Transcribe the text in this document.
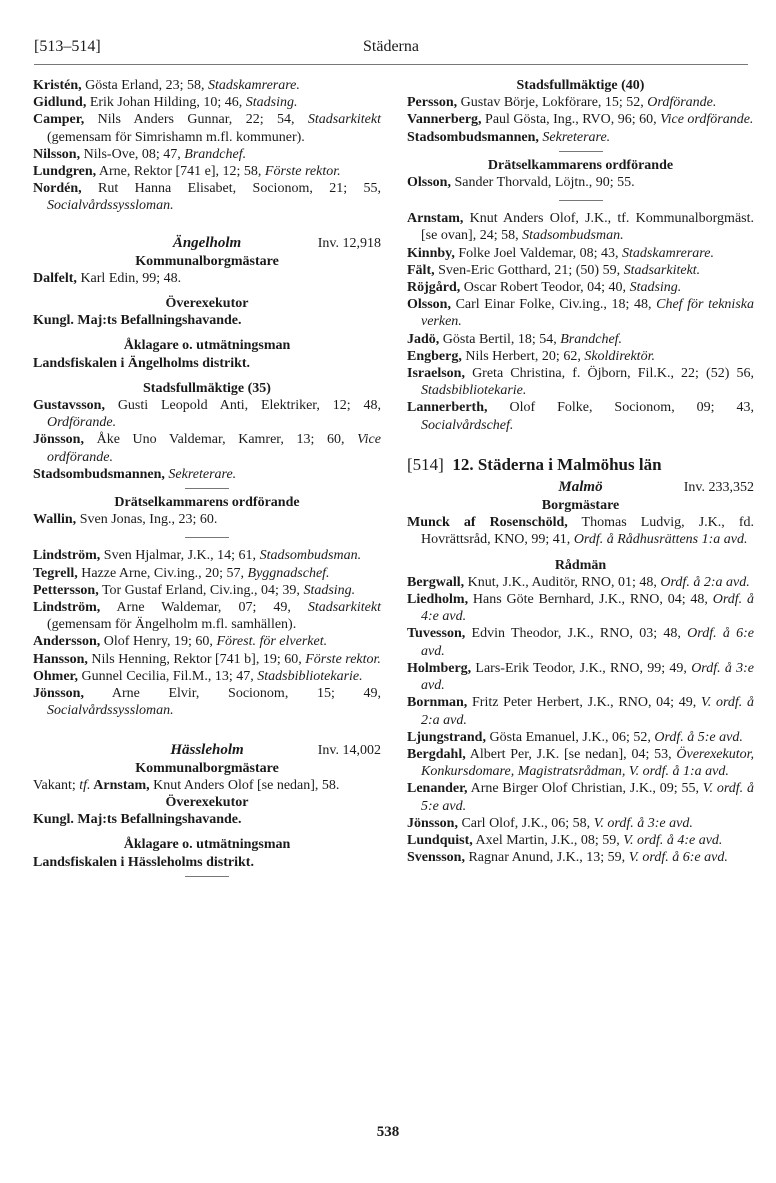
[513–514]	Städerna
Kristén, Gösta Erland, 23; 58, Stadskamrerare.
Gidlund, Erik Johan Hilding, 10; 46, Stadsing.
Camper, Nils Anders Gunnar, 22; 54, Stadsarkitekt (gemensam för Simrishamn m.fl. kommuner).
Nilsson, Nils-Ove, 08; 47, Brandchef.
Lundgren, Arne, Rektor [741 e], 12; 58, Förste rektor.
Nordén, Rut Hanna Elisabet, Socionom, 21; 55, Socialvårdssyssloman.
Ängelholm	Inv. 12,918
Kommunalborgmästare
Dalfelt, Karl Edin, 99; 48.
Överexekutor
Kungl. Maj:ts Befallningshavande.
Åklagare o. utmätningsman
Landsfiskalen i Ängelholms distrikt.
Stadsfullmäktige (35)
Gustavsson, Gusti Leopold Anti, Elektriker, 12; 48, Ordförande.
Jönsson, Åke Uno Valdemar, Kamrer, 13; 60, Vice ordförande.
Stadsombudsmannen, Sekreterare.
Drätselkammarens ordförande
Wallin, Sven Jonas, Ing., 23; 60.
Lindström, Sven Hjalmar, J.K., 14; 61, Stadsombudsman.
Tegrell, Hazze Arne, Civ.ing., 20; 57, Byggnadschef.
Pettersson, Tor Gustaf Erland, Civ.ing., 04; 39, Stadsing.
Lindström, Arne Waldemar, 07; 49, Stadsarkitekt (gemensam för Ängelholm m.fl. samhällen).
Andersson, Olof Henry, 19; 60, Förest. för elverket.
Hansson, Nils Henning, Rektor [741 b], 19; 60, Förste rektor.
Ohmer, Gunnel Cecilia, Fil.M., 13; 47, Stadsbibliotekarie.
Jönsson, Arne Elvir, Socionom, 15; 49, Socialvårdssyssloman.
Hässleholm	Inv. 14,002
Kommunalborgmästare
Vakant; tf. Arnstam, Knut Anders Olof [se nedan], 58.
Överexekutor
Kungl. Maj:ts Befallningshavande.
Åklagare o. utmätningsman
Landsfiskalen i Hässleholms distrikt.
Stadsfullmäktige (40)
Persson, Gustav Börje, Lokförare, 15; 52, Ordförande.
Vannerberg, Paul Gösta, Ing., RVO, 96; 60, Vice ordförande.
Stadsombudsmannen, Sekreterare.
Drätselkammarens ordförande
Olsson, Sander Thorvald, Löjtn., 90; 55.
Arnstam, Knut Anders Olof, J.K., tf. Kommunalborgmäst. [se ovan], 24; 58, Stadsombudsman.
Kinnby, Folke Joel Valdemar, 08; 43, Stadskamrerare.
Fält, Sven-Eric Gotthard, 21; (50) 59, Stadsarkitekt.
Röjgård, Oscar Robert Teodor, 04; 40, Stadsing.
Olsson, Carl Einar Folke, Civ.ing., 18; 48, Chef för tekniska verken.
Jadö, Gösta Bertil, 18; 54, Brandchef.
Engberg, Nils Herbert, 20; 62, Skoldirektör.
Israelson, Greta Christina, f. Öjborn, Fil.K., 22; (52) 56, Stadsbibliotekarie.
Lannerberth, Olof Folke, Socionom, 09; 43, Socialvårdschef.
[514] 12. Städerna i Malmöhus län
Malmö	Inv. 233,352
Borgmästare
Munck af Rosenschöld, Thomas Ludvig, J.K., fd. Hovrättsråd, KNO, 99; 41, Ordf. å Rådhusrättens 1:a avd.
Rådmän
Bergwall, Knut, J.K., Auditör, RNO, 01; 48, Ordf. å 2:a avd.
Liedholm, Hans Göte Bernhard, J.K., RNO, 04; 48, Ordf. å 4:e avd.
Tuvesson, Edvin Theodor, J.K., RNO, 03; 48, Ordf. å 6:e avd.
Holmberg, Lars-Erik Teodor, J.K., RNO, 99; 49, Ordf. å 3:e avd.
Bornman, Fritz Peter Herbert, J.K., RNO, 04; 49, V. ordf. å 2:a avd.
Ljungstrand, Gösta Emanuel, J.K., 06; 52, Ordf. å 5:e avd.
Bergdahl, Albert Per, J.K. [se nedan], 04; 53, Överexekutor, Konkursdomare, Magistratsrådman, V. ordf. å 1:a avd.
Lenander, Arne Birger Olof Christian, J.K., 09; 55, V. ordf. å 5:e avd.
Jönsson, Carl Olof, J.K., 06; 58, V. ordf. å 3:e avd.
Lundquist, Axel Martin, J.K., 08; 59, V. ordf. å 4:e avd.
Svensson, Ragnar Anund, J.K., 13; 59, V. ordf. å 6:e avd.
538
